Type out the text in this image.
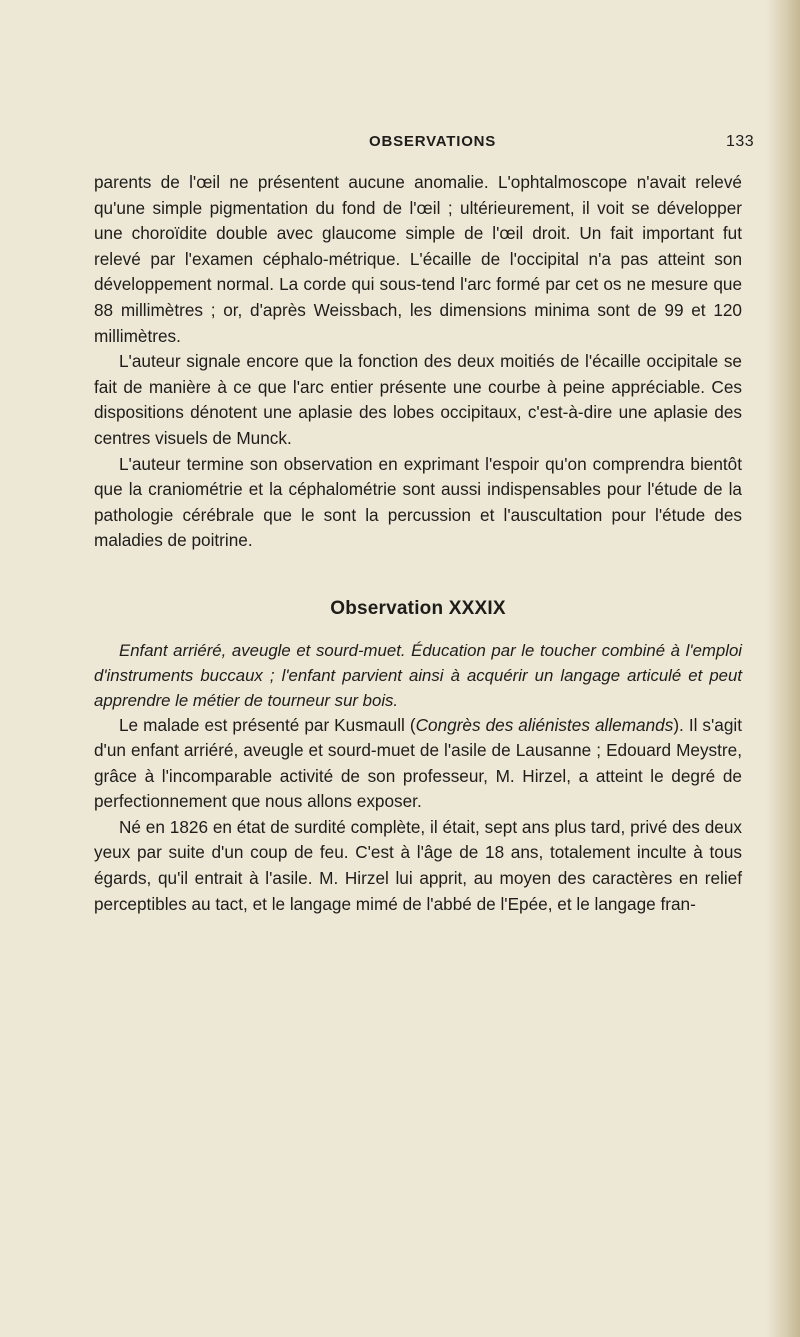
OBSERVATIONS	133

parents de l'œil ne présentent aucune anomalie. L'ophtalmoscope n'avait relevé qu'une simple pigmentation du fond de l'œil ; ultérieurement, il voit se développer une choroïdite double avec glaucome simple de l'œil droit. Un fait important fut relevé par l'examen céphalo-métrique. L'écaille de l'occipital n'a pas atteint son développement normal. La corde qui sous-tend l'arc formé par cet os ne mesure que 88 millimètres ; or, d'après Weissbach, les dimensions minima sont de 99 et 120 millimètres.

L'auteur signale encore que la fonction des deux moitiés de l'écaille occipitale se fait de manière à ce que l'arc entier présente une courbe à peine appréciable. Ces dispositions dénotent une aplasie des lobes occipitaux, c'est-à-dire une aplasie des centres visuels de Munck.

L'auteur termine son observation en exprimant l'espoir qu'on comprendra bientôt que la craniométrie et la céphalométrie sont aussi indispensables pour l'étude de la pathologie cérébrale que le sont la percussion et l'auscultation pour l'étude des maladies de poitrine.

Observation XXXIX

Enfant arriéré, aveugle et sourd-muet. Éducation par le toucher combiné à l'emploi d'instruments buccaux ; l'enfant parvient ainsi à acquérir un langage articulé et peut apprendre le métier de tourneur sur bois.

Le malade est présenté par Kusmaull (Congrès des aliénistes allemands). Il s'agit d'un enfant arriéré, aveugle et sourd-muet de l'asile de Lausanne ; Edouard Meystre, grâce à l'incomparable activité de son professeur, M. Hirzel, a atteint le degré de perfectionnement que nous allons exposer.

Né en 1826 en état de surdité complète, il était, sept ans plus tard, privé des deux yeux par suite d'un coup de feu. C'est à l'âge de 18 ans, totalement inculte à tous égards, qu'il entrait à l'asile. M. Hirzel lui apprit, au moyen des caractères en relief perceptibles au tact, et le langage mimé de l'abbé de l'Epée, et le langage fran-
